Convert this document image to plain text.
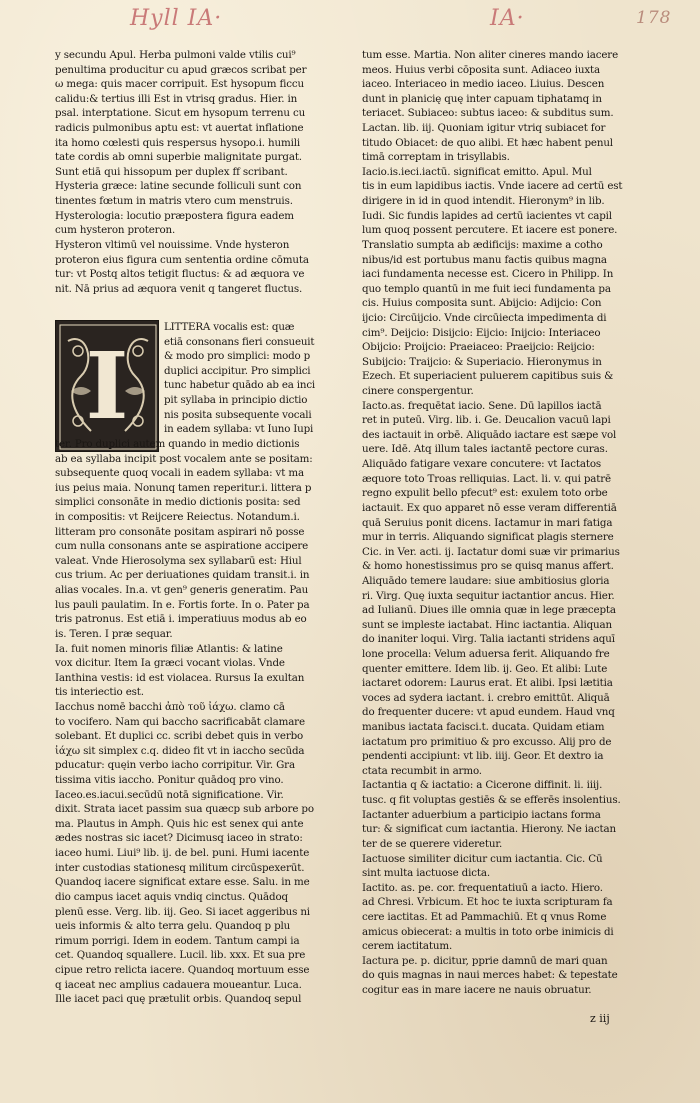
Hyll IA·	IA·	178
y secundu Apul. Herba pulmoni valde vtilis cui⁹
penultima producitur cu apud græcos scribat per
ω mega: quis macer corripuit. Est hysopum ficcu
calidu:& tertius illi Est in vtrisq gradus. Hier. in
psal. interptatione. Sicut em hysopum terrenu cu
radicis pulmonibus aptu est: vt auertat inflatione
ita homo cœlesti quis respersus hysopo.i. humili
tate cordis ab omni superbie malignitate purgat.
Sunt etiā qui hissopum per duplex ff scribant.
Hysteria græce: latine secunde folliculi sunt con
tinentes fœtum in matris vtero cum menstruis.
Hysterologia: locutio præpostera figura eadem
cum hysteron proteron.
Hysteron vltimū vel nouissime. Vnde hysteron
proteron eius figura cum sententia ordine cōmuta
tur: vt Postq altos tetigit fluctus: & ad æquora ve
nit. Nā prius ad æquora venit q tangeret fluctus.
I
LITTERA vocalis est: quæ
etiā consonans fieri consueuit
& modo pro simplici: modo p
duplici accipitur. Pro simplici
tunc habetur quādo ab ea inci
pit syllaba in principio dictio
nis posita subsequente vocali
in eadem syllaba: vt Iuno Iupi
ter. Pro duplici autem quando in medio dictionis
ab ea syllaba incipit post vocalem ante se positam:
subsequente quoq vocali in eadem syllaba: vt ma
ius peius maia. Nonunq tamen reperitur.i. littera p
simplici consonāte in medio dictionis posita: sed
in compositis: vt Reijcere Reiectus. Notandum.i.
litteram pro consonāte positam aspirari nō posse
cum nulla consonans ante se aspiratione accipere
valeat. Vnde Hierosolyma sex syllabarū est: Hiul
cus trium. Ac per deriuationes quidam transit.i. in
alias vocales. In.a. vt gen⁹ generis generatim. Pau
lus pauli paulatim. In e. Fortis forte. In o. Pater pa
tris patronus. Est etiā i. imperatiuus modus ab eo
is. Teren. I præ sequar.
Ia. fuit nomen minoris filiæ Atlantis: & latine
vox dicitur. Item Ia græci vocant violas. Vnde
Ianthina vestis: id est violacea. Rursus Ia exultan
tis interiectio est.
Iacchus nomē bacchi ἀπὸ τοῦ ἰάχω. clamo cā
to vocifero. Nam qui baccho sacrificabāt clamare
solebant. Et duplici cc. scribi debet quis in verbo
ἰάχω sit simplex c.q. dideo fit vt in iaccho secūda
pducatur: quęin verbo iacho corripitur. Vir. Gra
tissima vitis iaccho. Ponitur quādoq pro vino.
Iaceo.es.iacui.secūdū notā significatione. Vir.
dixit. Strata iacet passim sua quæcp sub arbore po
ma. Plautus in Amph. Quis hic est senex qui ante
ædes nostras sic iacet? Dicimusq iaceo in strato:
iaceo humi. Liui⁹ lib. ij. de bel. puni. Humi iacente
inter custodias stationesq militum circūspexerūt.
Quandoq iacere significat extare esse. Salu. in me
dio campus iacet aquis vndiq cinctus. Quādoq
plenū esse. Verg. lib. iij. Geo. Si iacet aggeribus ni
ueis informis & alto terra gelu. Quandoq p plu
rimum porrigi. Idem in eodem. Tantum campi ia
cet. Quandoq squallere. Lucil. lib. xxx. Et sua pre
cipue retro relicta iacere. Quandoq mortuum esse
q iaceat nec amplius cadauera moueantur. Luca.
Ille iacet paci quę prætulit orbis. Quandoq sepul
tum esse. Martia. Non aliter cineres mando iacere
meos. Huius verbi cōposita sunt. Adiaceo iuxta
iaceo. Interiaceo in medio iaceo. Liuius. Descen
dunt in planicię quę inter capuam tiphatamq in
teriacet. Subiaceo: subtus iaceo: & subditus sum.
Lactan. lib. iij. Quoniam igitur vtriq subiacet for
titudo Obiacet: de quo alibi. Et hæc habent penul
timā correptam in trisyllabis.
Iacio.is.ieci.iactū. significat emitto. Apul. Mul
tis in eum lapidibus iactis. Vnde iacere ad certū est
dirigere in id in quod intendit. Hieronym⁹ in lib.
Iudi. Sic fundis lapides ad certū iacientes vt capil
lum quoq possent percutere. Et iacere est ponere.
Translatio sumpta ab ædificijs: maxime a cotho
nibus/id est portubus manu factis quibus magna
iaci fundamenta necesse est. Cicero in Philipp. In
quo templo quantū in me fuit ieci fundamenta pa
cis. Huius composita sunt. Abijcio: Adijcio: Con
ijcio: Circūijcio. Vnde circūiecta impedimenta di
cim⁹. Deijcio: Disijcio: Eijcio: Inijcio: Interiaceo
Obijcio: Proijcio: Praeiaceo: Praeijcio: Reijcio:
Subijcio: Traijcio: & Superiacio. Hieronymus in
Ezech. Et superiacient puluerem capitibus suis &
cinere conspergentur.
Iacto.as. frequētat iacio. Sene. Dū lapillos iactā
ret in puteū. Virg. lib. i. Ge. Deucalion vacuū lapi
des iactauit in orbē. Aliquādo iactare est sæpe vol
uere. Idē. Atq illum tales iactantē pectore curas.
Aliquādo fatigare vexare concutere: vt Iactatos
æquore toto Troas relliquias. Lact. li. v. qui patrē
regno expulit bello pfecut⁹ est: exulem toto orbe
iactauit. Ex quo apparet nō esse veram differentiā
quā Seruius ponit dicens. Iactamur in mari fatiga
mur in terris. Aliquando significat plagis sternere
Cic. in Ver. acti. ij. Iactatur domi suæ vir primarius
& homo honestissimus pro se quisq manus affert.
Aliquādo temere laudare: siue ambitiosius gloria
ri. Virg. Quę iuxta sequitur iactantior ancus. Hier.
ad Iulianū. Diues ille omnia quæ in lege præcepta
sunt se impleste iactabat. Hinc iactantia. Aliquan
do inaniter loqui. Virg. Talia iactanti stridens aquī
lone procella: Velum aduersa ferit. Aliquando fre
quenter emittere. Idem lib. ij. Geo. Et alibi: Lute
iactaret odorem: Laurus erat. Et alibi. Ipsi lætitia
voces ad sydera iactant. i. crebro emittūt. Aliquā
do frequenter ducere: vt apud eundem. Haud vnq
manibus iactata facisci.t. ducata. Quidam etiam
iactatum pro primitiuo & pro excusso. Alij pro de
pendenti accipiunt: vt lib. iiij. Geor. Et dextro ia
ctata recumbit in armo.
Iactantia q & iactatio: a Cicerone diffinit. li. iiij.
tusc. q fit voluptas gestiēs & se efferēs insolentius.
Iactanter aduerbium a participio iactans forma
tur: & significat cum iactantia. Hierony. Ne iactan
ter de se querere videretur.
Iactuose similiter dicitur cum iactantia. Cic. Cū
sint multa iactuose dicta.
Iactito. as. pe. cor. frequentatiuū a iacto. Hiero.
ad Chresi. Vrbicum. Et hoc te iuxta scripturam fa
cere iactitas. Et ad Pammachiū. Et q vnus Rome
amicus obiecerat: a multis in toto orbe inimicis di
cerem iactitatum.
Iactura pe. p. dicitur, pprie damnū de mari quan
do quis magnas in naui merces habet: & tepestate
cogitur eas in mare iacere ne nauis obruatur.
z iij
